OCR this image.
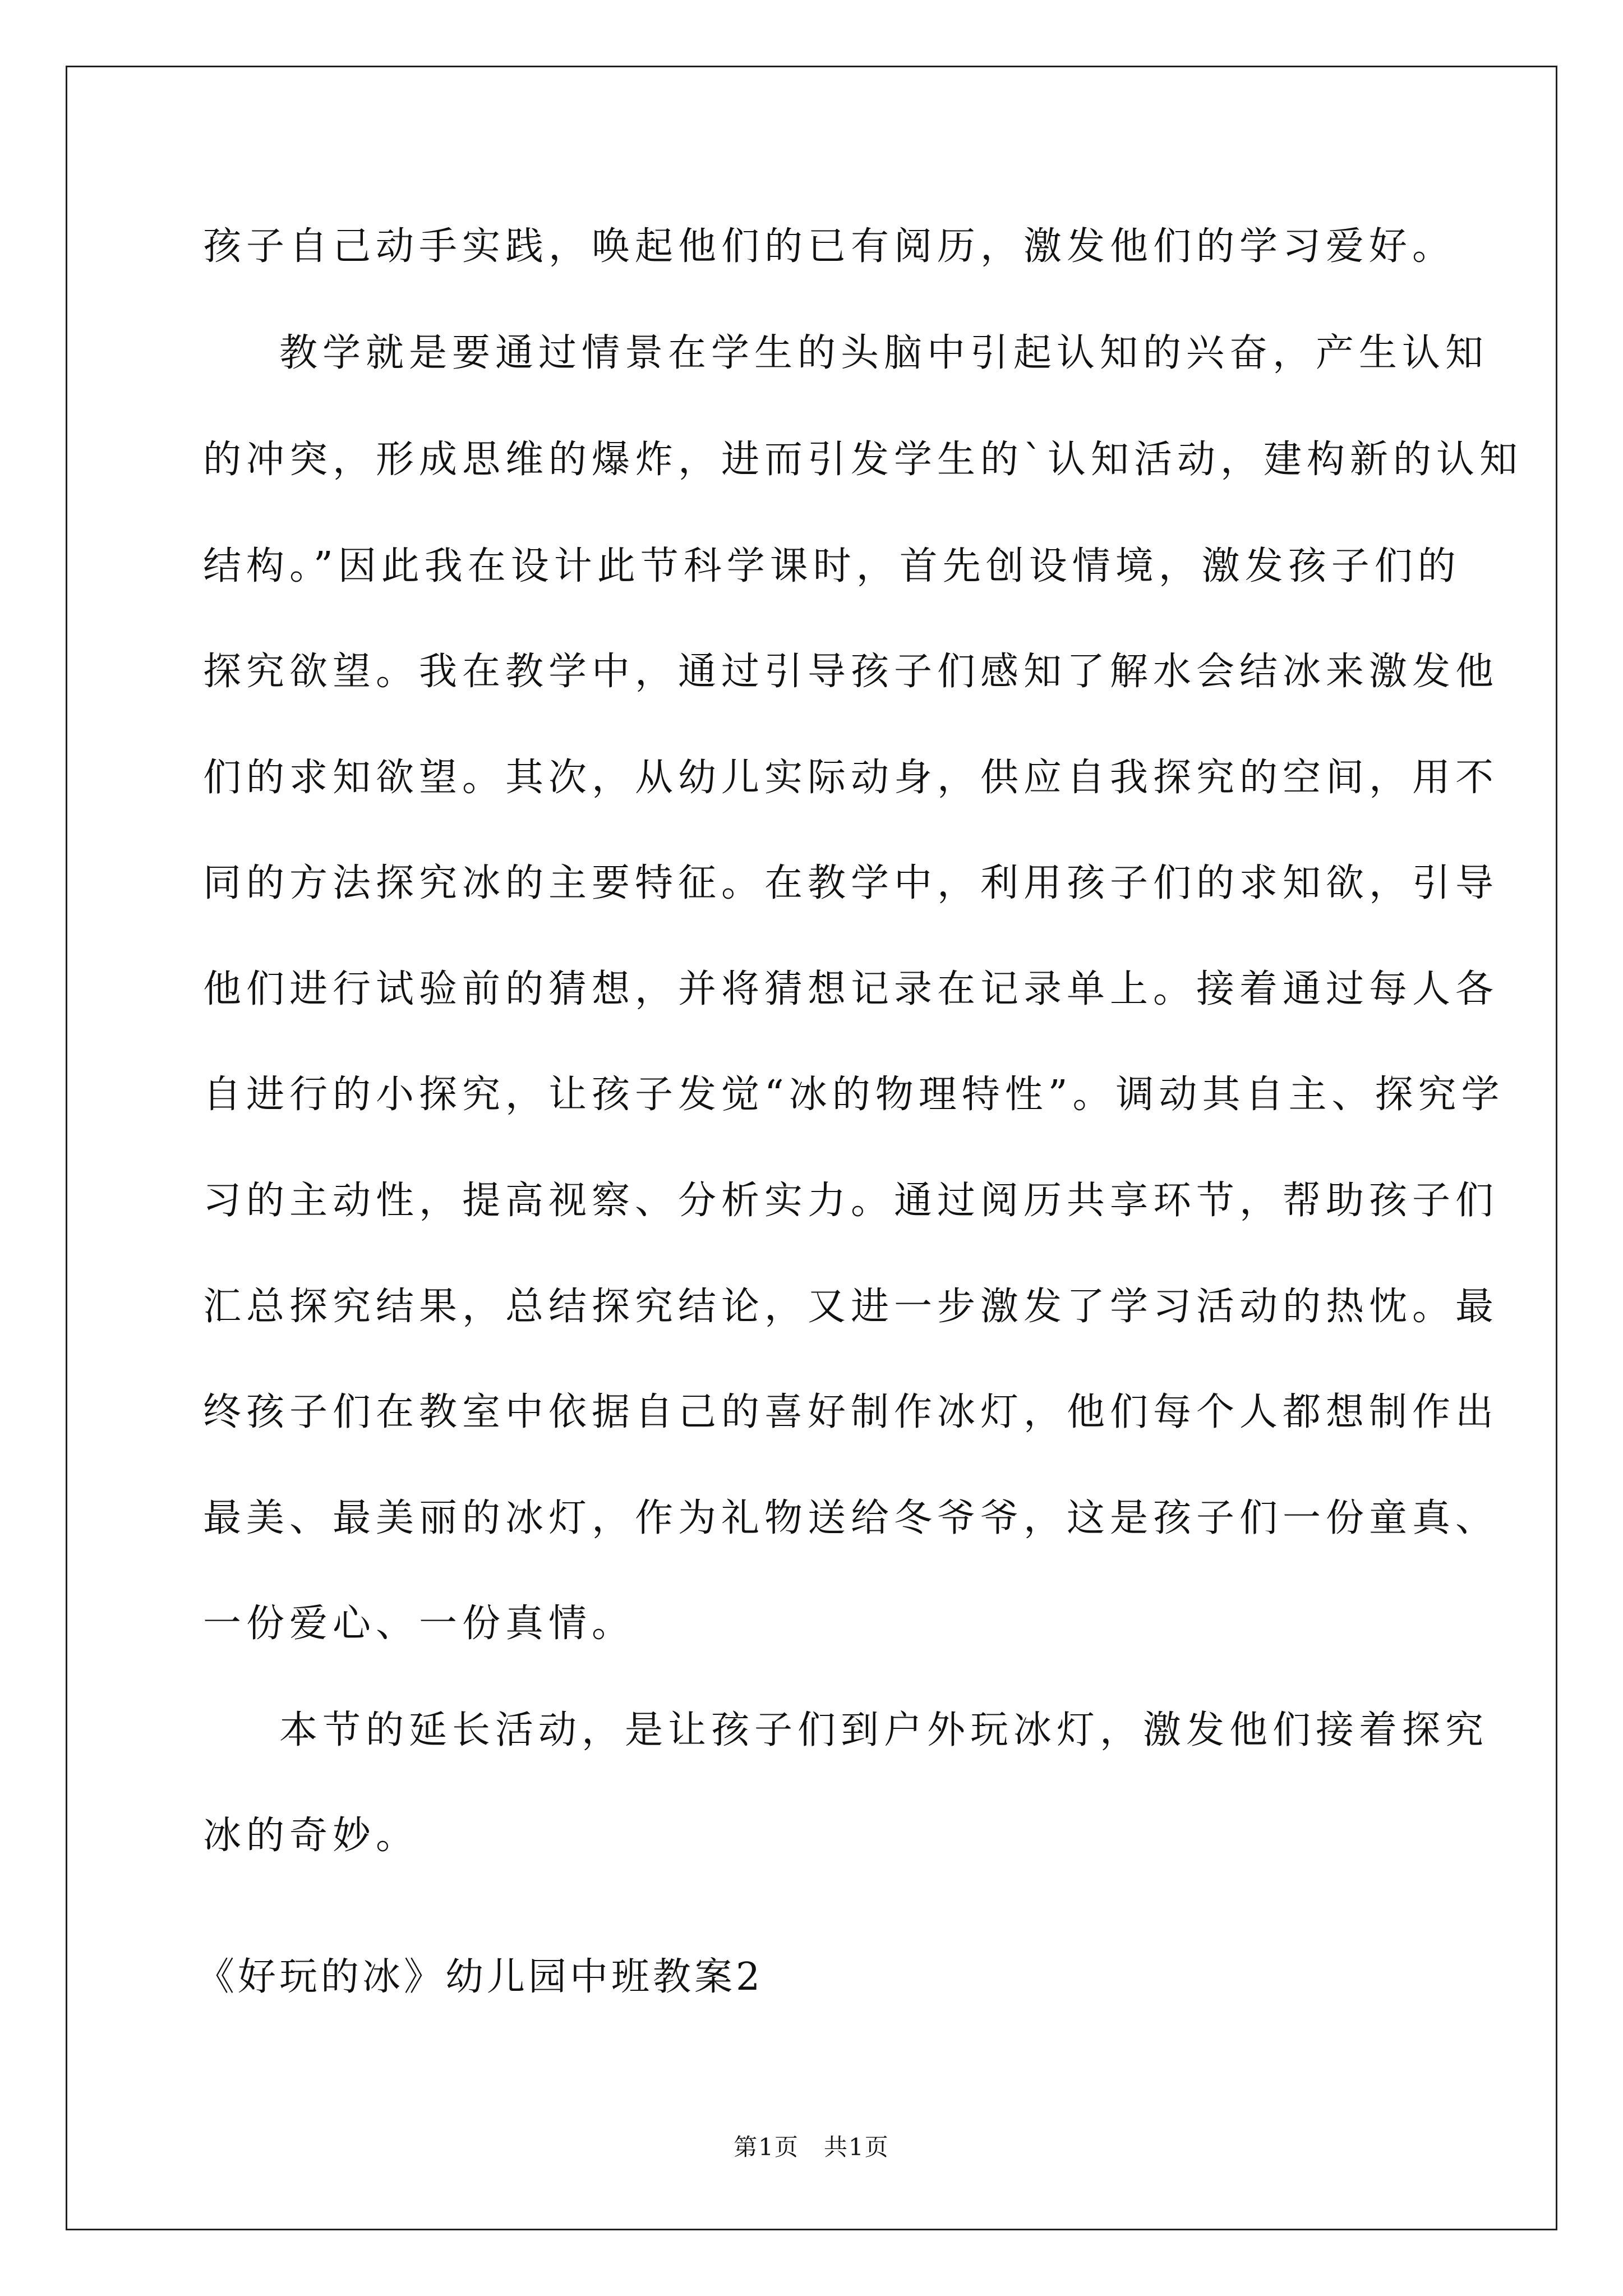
孩子自己动手实践，唤起他们的已有阅历，激发他们的学习爱好。

教学就是要通过情景在学生的头脑中引起认知的兴奋，产生认知

的冲突，形成思维的爆炸，进而引发学生的`认知活动，建构新的认知

结构。”因此我在设计此节科学课时，首先创设情境，激发孩子们的

探究欲望。我在教学中，通过引导孩子们感知了解水会结冰来激发他

们的求知欲望。其次，从幼儿实际动身，供应自我探究的空间，用不

同的方法探究冰的主要特征。在教学中，利用孩子们的求知欲，引导

他们进行试验前的猜想，并将猜想记录在记录单上。接着通过每人各

自进行的小探究，让孩子发觉“冰的物理特性”。调动其自主、探究学

习的主动性，提高视察、分析实力。通过阅历共享环节，帮助孩子们

汇总探究结果，总结探究结论，又进一步激发了学习活动的热忱。最

终孩子们在教室中依据自己的喜好制作冰灯，他们每个人都想制作出

最美、最美丽的冰灯，作为礼物送给冬爷爷，这是孩子们一份童真、

一份爱心、一份真情。

本节的延长活动，是让孩子们到户外玩冰灯，激发他们接着探究

冰的奇妙。

《好玩的冰》幼儿园中班教案2
第1页　共1页
